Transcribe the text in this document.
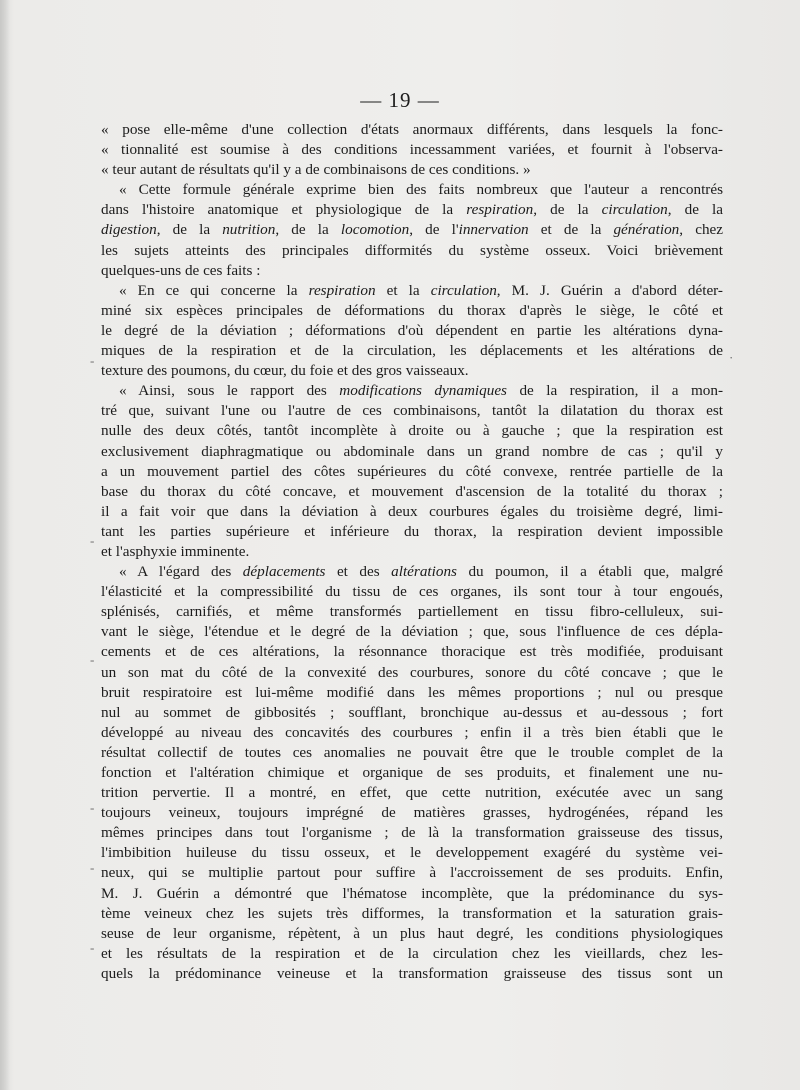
— 19 —
« pose elle-même d'une collection d'états anormaux différents, dans lesquels la fonc-
« tionnalité est soumise à des conditions incessamment variées, et fournit à l'observa-
« teur autant de résultats qu'il y a de combinaisons de ces conditions. »
« Cette formule générale exprime bien des faits nombreux que l'auteur a rencontrés
dans l'histoire anatomique et physiologique de la respiration, de la circulation, de la
digestion, de la nutrition, de la locomotion, de l'innervation et de la génération, chez
les sujets atteints des principales difformités du système osseux. Voici brièvement
quelques-uns de ces faits :
« En ce qui concerne la respiration et la circulation, M. J. Guérin a d'abord déter-
miné six espèces principales de déformations du thorax d'après le siège, le côté et
le degré de la déviation ; déformations d'où dépendent en partie les altérations dyna-
miques de la respiration et de la circulation, les déplacements et les altérations de
texture des poumons, du cœur, du foie et des gros vaisseaux.
« Ainsi, sous le rapport des modifications dynamiques de la respiration, il a mon-
tré que, suivant l'une ou l'autre de ces combinaisons, tantôt la dilatation du thorax est
nulle des deux côtés, tantôt incomplète à droite ou à gauche ; que la respiration est
exclusivement diaphragmatique ou abdominale dans un grand nombre de cas ; qu'il y
a un mouvement partiel des côtes supérieures du côté convexe, rentrée partielle de la
base du thorax du côté concave, et mouvement d'ascension de la totalité du thorax ;
il a fait voir que dans la déviation à deux courbures égales du troisième degré, limi-
tant les parties supérieure et inférieure du thorax, la respiration devient impossible
et l'asphyxie imminente.
« A l'égard des déplacements et des altérations du poumon, il a établi que, malgré
l'élasticité et la compressibilité du tissu de ces organes, ils sont tour à tour engoués,
splénisés, carnifiés, et même transformés partiellement en tissu fibro-celluleux, sui-
vant le siège, l'étendue et le degré de la déviation ; que, sous l'influence de ces dépla-
cements et de ces altérations, la résonnance thoracique est très modifiée, produisant
un son mat du côté de la convexité des courbures, sonore du côté concave ; que le
bruit respiratoire est lui-même modifié dans les mêmes proportions ; nul ou presque
nul au sommet de gibbosités ; soufflant, bronchique au-dessus et au-dessous ; fort
développé au niveau des concavités des courbures ; enfin il a très bien établi que le
résultat collectif de toutes ces anomalies ne pouvait être que le trouble complet de la
fonction et l'altération chimique et organique de ses produits, et finalement une nu-
trition pervertie. Il a montré, en effet, que cette nutrition, exécutée avec un sang
toujours veineux, toujours imprégné de matières grasses, hydrogénées, répand les
mêmes principes dans tout l'organisme ; de là la transformation graisseuse des tissus,
l'imbibition huileuse du tissu osseux, et le developpement exagéré du système vei-
neux, qui se multiplie partout pour suffire à l'accroissement de ses produits. Enfin,
M. J. Guérin a démontré que l'hématose incomplète, que la prédominance du sys-
tème veineux chez les sujets très difformes, la transformation et la saturation grais-
seuse de leur organisme, répètent, à un plus haut degré, les conditions physiologiques
et les résultats de la respiration et de la circulation chez les vieillards, chez les-
quels la prédominance veineuse et la transformation graisseuse des tissus sont un
·
-
-
-
-
-
-
